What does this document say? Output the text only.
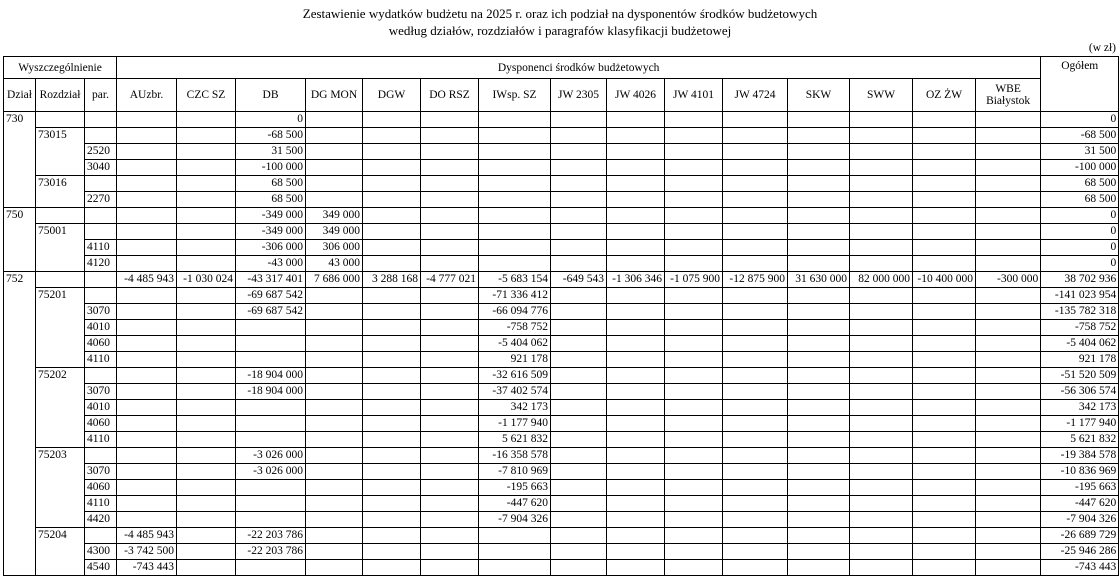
Zestawienie wydatków budżetu na 2025 r. oraz ich podział na dysponentów środków budżetowych
według działów, rozdziałów i paragrafów klasyfikacji budżetowej
(w zł)
Wyszczególnienie			Dysponenci środków budżetowych															Ogółem
Dział	Rozdział	par.	AUzbr.	CZC SZ	DB	DG MON	DGW	DO RSZ	IWsp. SZ	JW 2305	JW 4026	JW 4101	JW 4724	SKW	SWW	OZ ŻW	WBE Białystok	
730					0													0
	73015				-68 500													-68 500
		2520			31 500													31 500
		3040			-100 000													-100 000
	73016				68 500													68 500
		2270			68 500													68 500
750					-349 000	349 000												0
	75001				-349 000	349 000												0
		4110			-306 000	306 000												0
		4120			-43 000	43 000												0
752			-4 485 943	-1 030 024	-43 317 401	7 686 000	3 288 168	-4 777 021	-5 683 154	-649 543	-1 306 346	-1 075 900	-12 875 900	31 630 000	82 000 000	-10 400 000	-300 000	38 702 936
	75201				-69 687 542				-71 336 412									-141 023 954
		3070			-69 687 542				-66 094 776									-135 782 318
		4010							-758 752									-758 752
		4060							-5 404 062									-5 404 062
		4110							921 178									921 178
	75202				-18 904 000				-32 616 509									-51 520 509
		3070			-18 904 000				-37 402 574									-56 306 574
		4010							342 173									342 173
		4060							-1 177 940									-1 177 940
		4110							5 621 832									5 621 832
	75203				-3 026 000				-16 358 578									-19 384 578
		3070			-3 026 000				-7 810 969									-10 836 969
		4060							-195 663									-195 663
		4110							-447 620									-447 620
		4420							-7 904 326									-7 904 326
	75204		-4 485 943		-22 203 786													-26 689 729
		4300	-3 742 500		-22 203 786													-25 946 286
		4540	-743 443															-743 443
